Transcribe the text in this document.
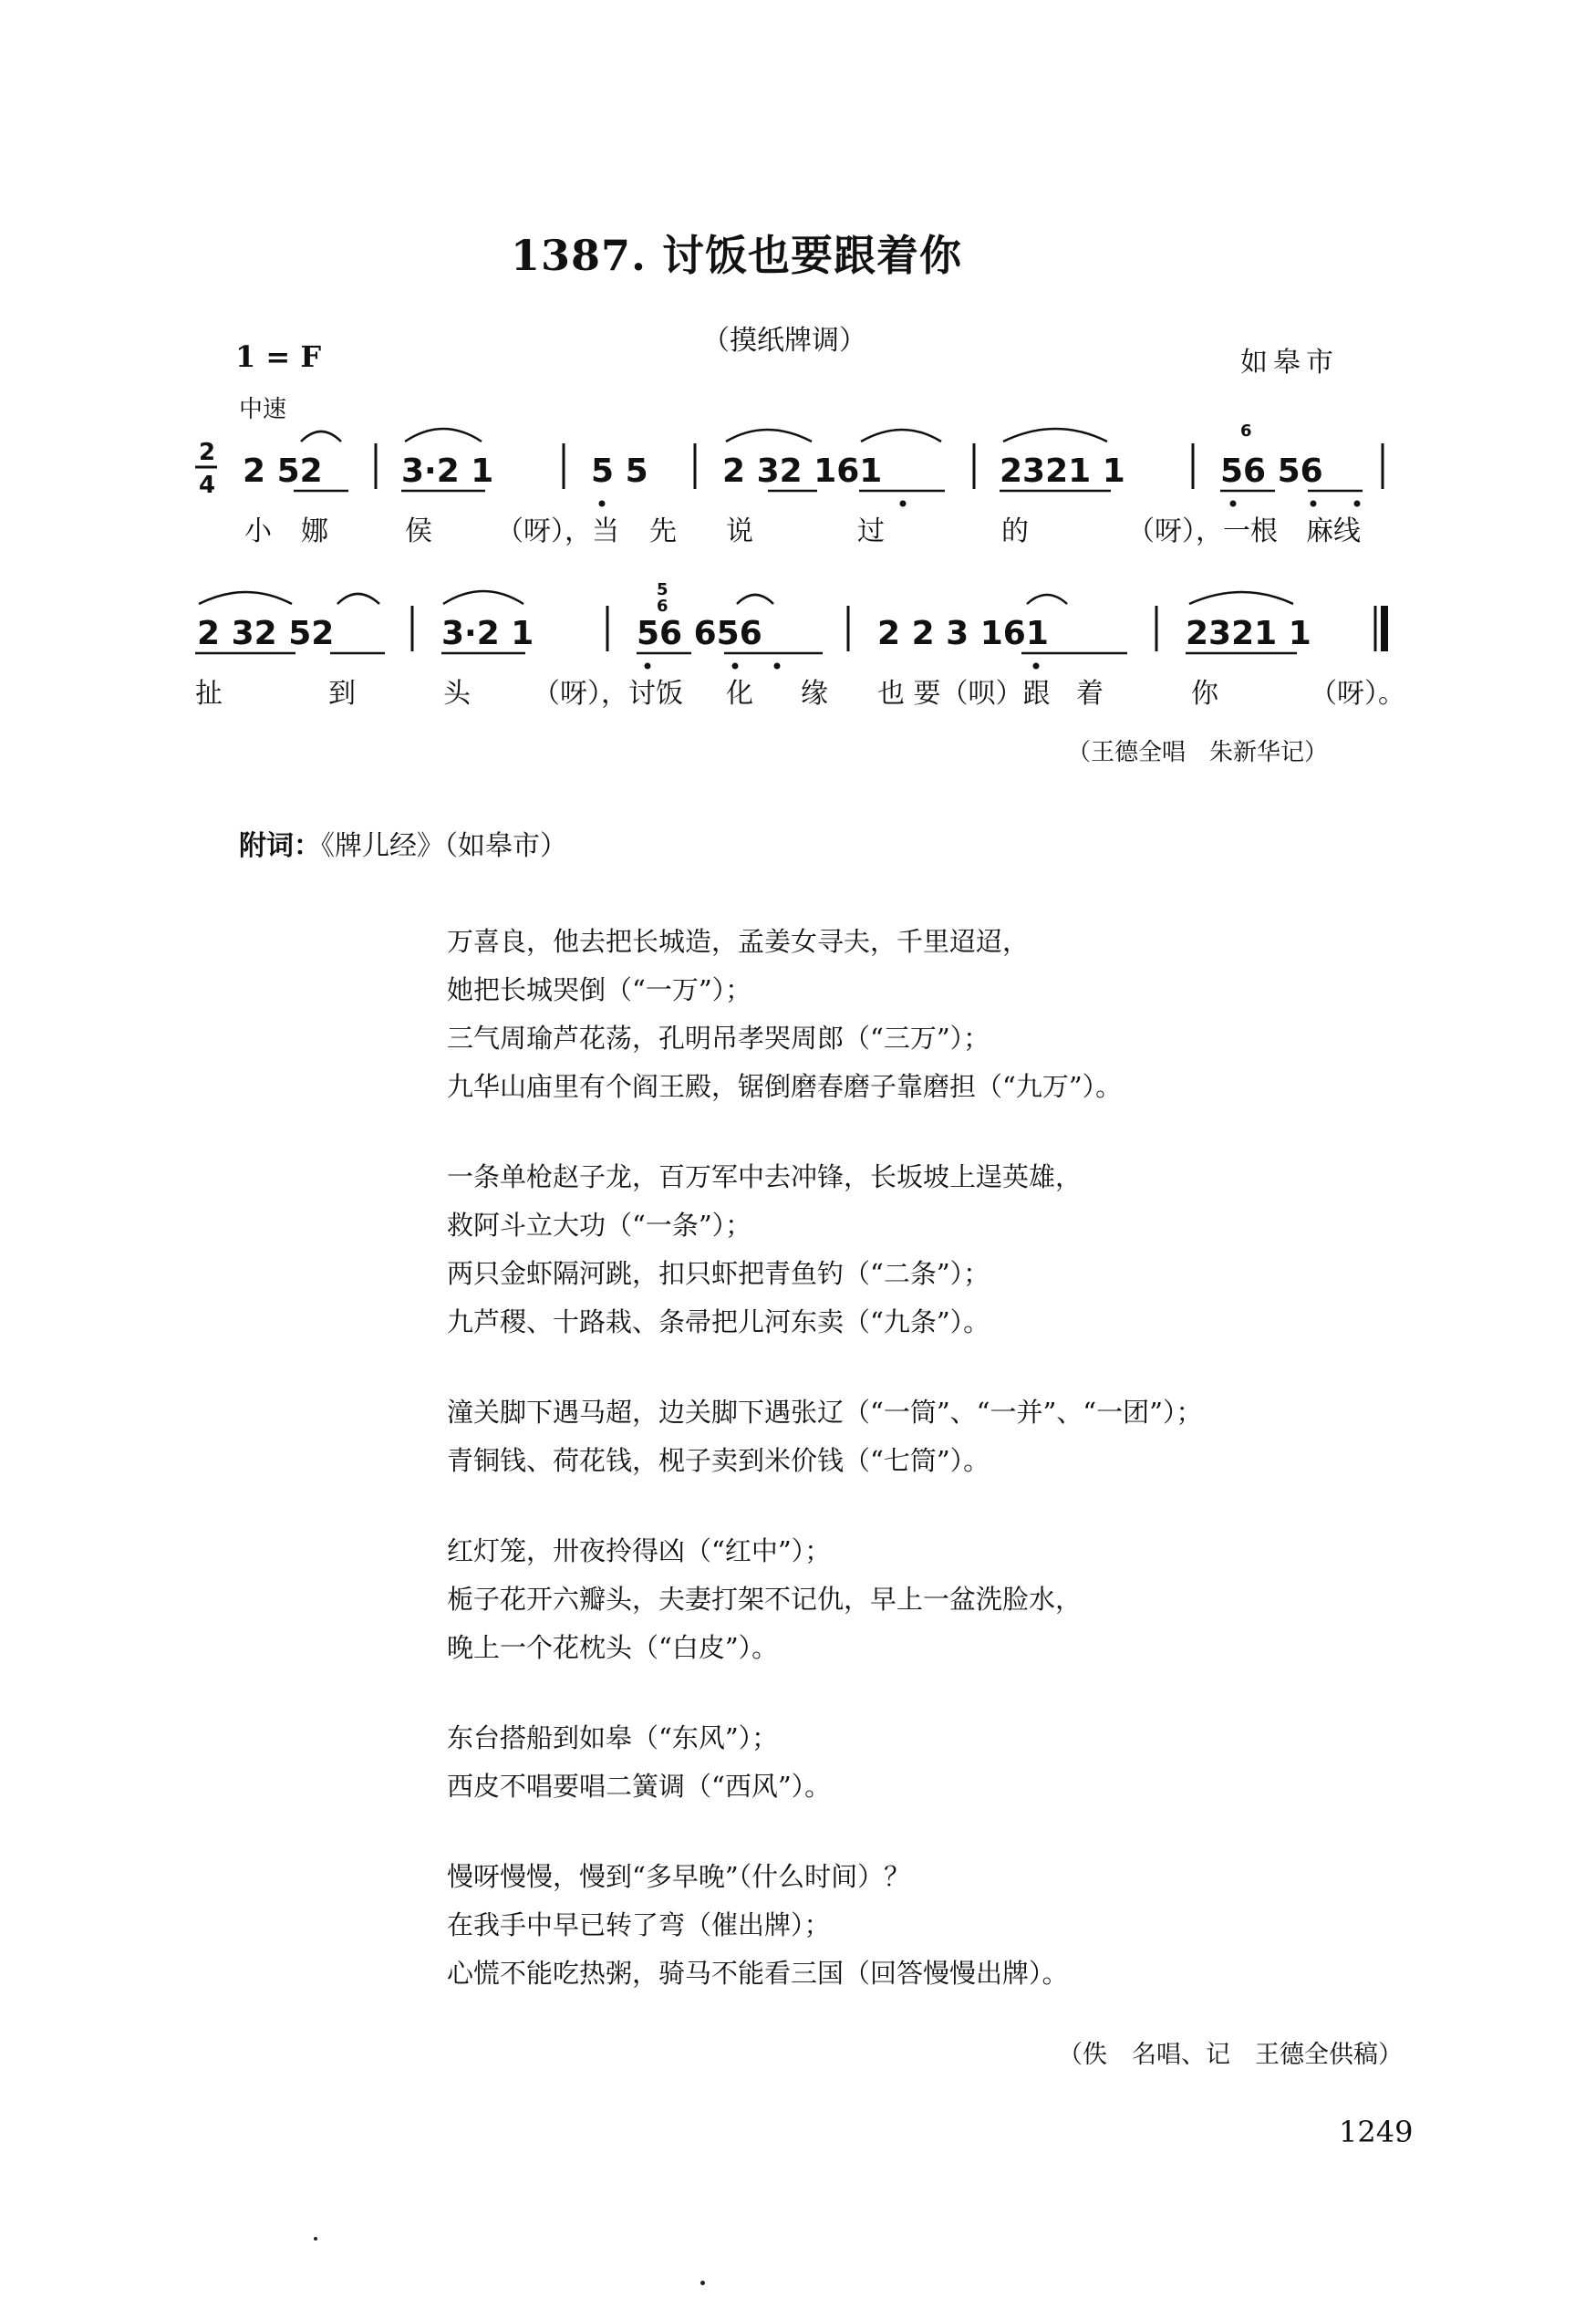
1387. 讨饭也要跟着你
（摸纸牌调）
1 = F	如皋市
中速
2
4 2 52 3·2 1	5 5 2 32 161	2321 1	56 56
6
小 娜	侯 （呀），当 先 说	过	的	（呀），一根 麻线
2 32 52	3·2 1	56 656	2 2 3 161	2321 1
5
6
扯	到	头 （呀），讨饭 化 缘 也 要（呗）跟 着	你	（呀）。
（王德全唱　朱新华记）
附词：《牌儿经》（如皋市）
万喜良，他去把长城造，孟姜女寻夫，千里迢迢，
她把长城哭倒（“一万”）；
三气周瑜芦花荡，孔明吊孝哭周郎（“三万”）；
九华山庙里有个阎王殿，锯倒磨春磨子靠磨担（“九万”）。
一条单枪赵子龙，百万军中去冲锋，长坂坡上逞英雄，
救阿斗立大功（“一条”）；
两只金虾隔河跳，扣只虾把青鱼钓（“二条”）；
九芦稷、十路栽、条帚把儿河东卖（“九条”）。
潼关脚下遇马超，边关脚下遇张辽（“一筒”、“一并”、“一团”）；
青铜钱、荷花钱，枧子卖到米价钱（“七筒”）。
红灯笼，卅夜拎得凶（“红中”）；
栀子花开六瓣头，夫妻打架不记仇，早上一盆洗脸水，
晚上一个花枕头（“白皮”）。
东台搭船到如皋（“东风”）；
西皮不唱要唱二簧调（“西风”）。
慢呀慢慢，慢到“多早晚”（什么时间）？
在我手中早已转了弯（催出牌）；
心慌不能吃热粥，骑马不能看三国（回答慢慢出牌）。
（佚　名唱、记　王德全供稿）
1249
